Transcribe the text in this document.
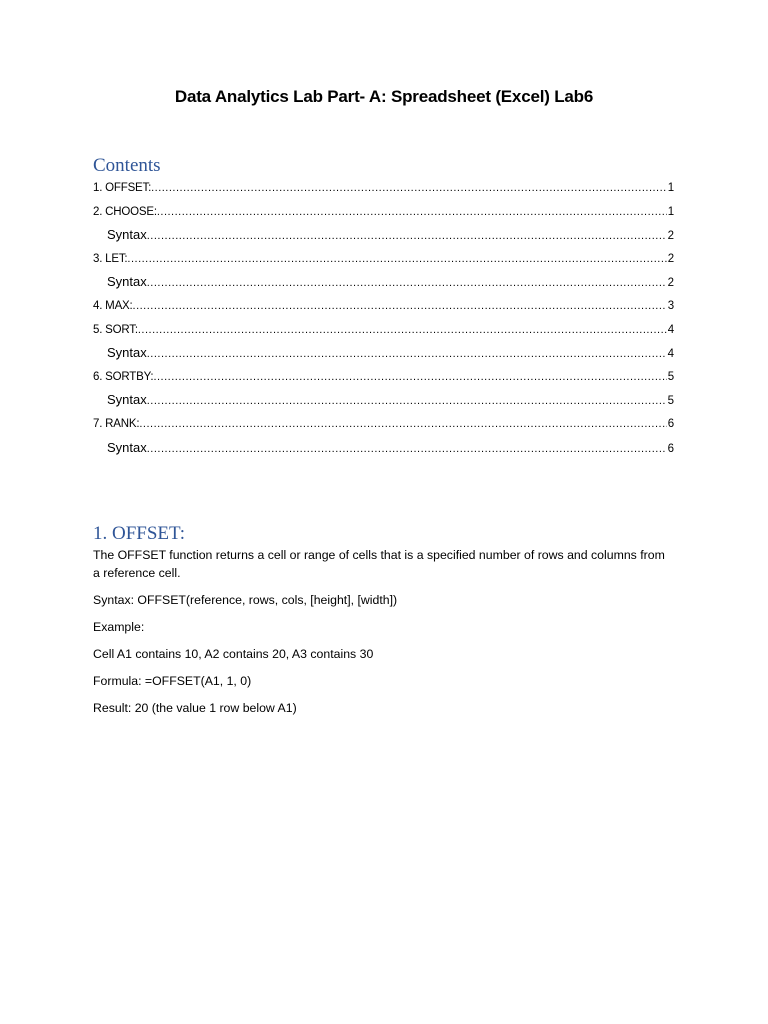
Data Analytics Lab Part- A: Spreadsheet (Excel) Lab6
Contents
1. OFFSET: .....	1
2. CHOOSE: .....	1
Syntax .....	2
3. LET: .....	2
Syntax .....	2
4. MAX: .....	3
5. SORT: .....	4
Syntax .....	4
6. SORTBY: .....	5
Syntax .....	5
7. RANK: .....	6
Syntax .....	6
1. OFFSET:

The OFFSET function returns a cell or range of cells that is a specified number of rows and columns from a reference cell.

Syntax: OFFSET(reference, rows, cols, [height], [width])

Example:

Cell A1 contains 10, A2 contains 20, A3 contains 30

Formula: =OFFSET(A1, 1, 0)

Result: 20 (the value 1 row below A1)
